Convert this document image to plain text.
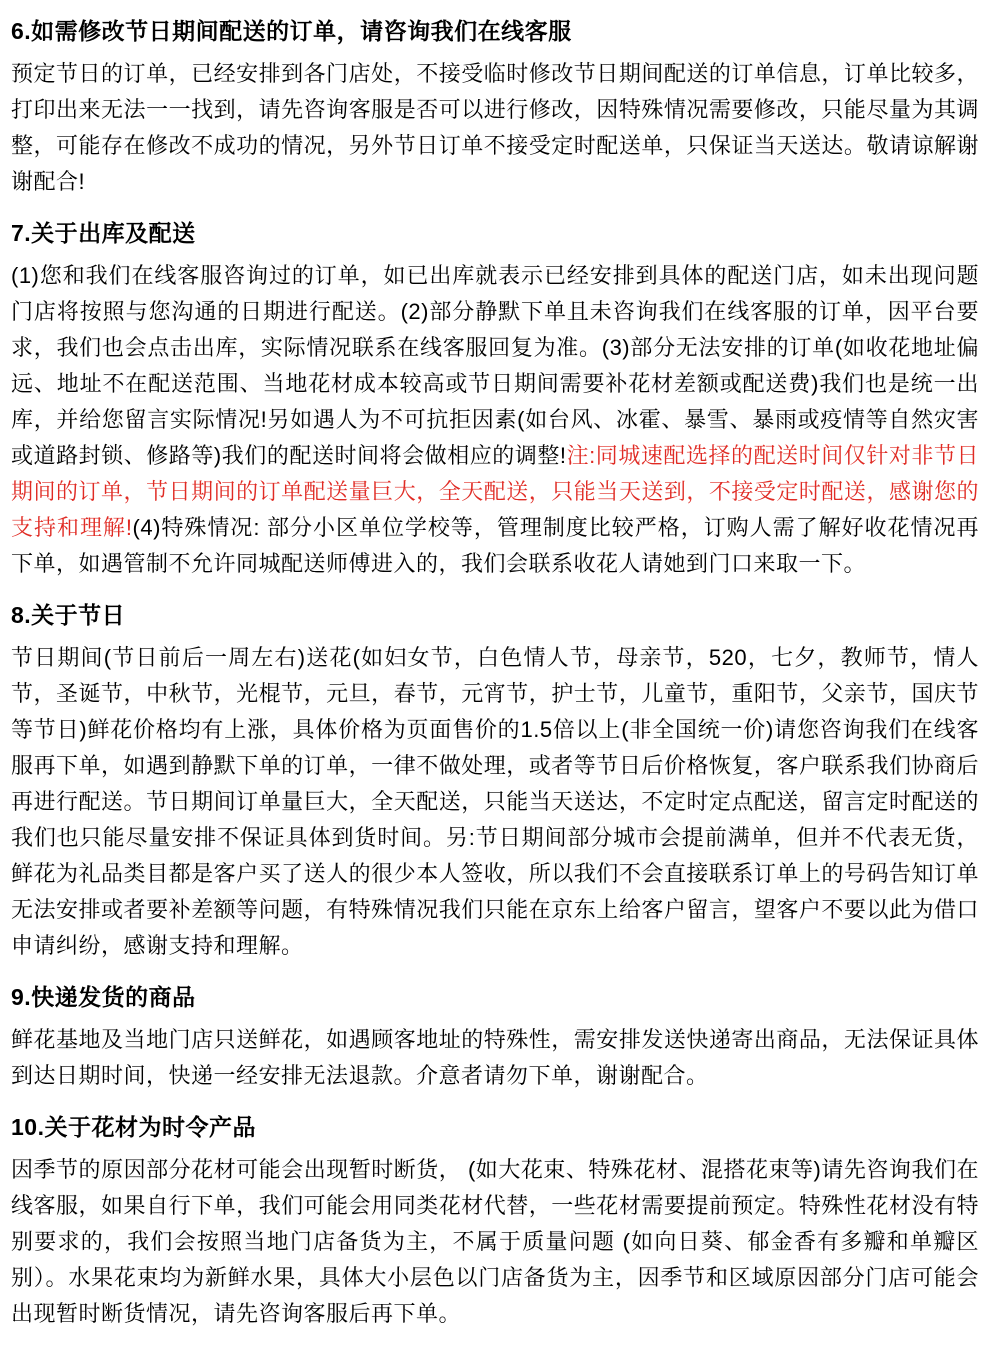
6.如需修改节日期间配送的订单，请咨询我们在线客服

预定节日的订单，已经安排到各门店处，不接受临时修改节日期间配送的订单信息，订单比较多，打印出来无法一一找到，请先咨询客服是否可以进行修改，因特殊情况需要修改，只能尽量为其调整，可能存在修改不成功的情况，另外节日订单不接受定时配送单，只保证当天送达。敬请谅解谢谢配合!

7.关于出库及配送

(1)您和我们在线客服咨询过的订单，如已出库就表示已经安排到具体的配送门店，如未出现问题门店将按照与您沟通的日期进行配送。(2)部分静默下单且未咨询我们在线客服的订单，因平台要求，我们也会点击出库，实际情况联系在线客服回复为准。(3)部分无法安排的订单(如收花地址偏远、地址不在配送范围、当地花材成本较高或节日期间需要补花材差额或配送费)我们也是统一出库，并给您留言实际情况!另如遇人为不可抗拒因素(如台风、冰霍、暴雪、暴雨或疫情等自然灾害或道路封锁、修路等)我们的配送时间将会做相应的调整!注:同城速配选择的配送时间仅针对非节日期间的订单，节日期间的订单配送量巨大，全天配送，只能当天送到，不接受定时配送，感谢您的支持和理解!(4)特殊情况: 部分小区单位学校等，管理制度比较严格，订购人需了解好收花情况再下单，如遇管制不允许同城配送师傅进入的，我们会联系收花人请她到门口来取一下。

8.关于节日

节日期间(节日前后一周左右)送花(如妇女节，白色情人节，母亲节，520，七夕，教师节，情人节，圣诞节，中秋节，光棍节，元旦，春节，元宵节，护士节，儿童节，重阳节，父亲节，国庆节等节日)鲜花价格均有上涨，具体价格为页面售价的1.5倍以上(非全国统一价)请您咨询我们在线客服再下单，如遇到静默下单的订单，一律不做处理，或者等节日后价格恢复，客户联系我们协商后再进行配送。节日期间订单量巨大，全天配送，只能当天送达，不定时定点配送，留言定时配送的我们也只能尽量安排不保证具体到货时间。另:节日期间部分城市会提前满单，但并不代表无货，鲜花为礼品类目都是客户买了送人的很少本人签收，所以我们不会直接联系订单上的号码告知订单无法安排或者要补差额等问题，有特殊情况我们只能在京东上给客户留言，望客户不要以此为借口申请纠纷，感谢支持和理解。

9.快递发货的商品

鲜花基地及当地门店只送鲜花，如遇顾客地址的特殊性，需安排发送快递寄出商品，无法保证具体到达日期时间，快递一经安排无法退款。介意者请勿下单，谢谢配合。

10.关于花材为时令产品

因季节的原因部分花材可能会出现暂时断货， (如大花束、特殊花材、混搭花束等)请先咨询我们在线客服，如果自行下单，我们可能会用同类花材代替，一些花材需要提前预定。特殊性花材没有特别要求的，我们会按照当地门店备货为主，不属于质量问题 (如向日葵、郁金香有多瓣和单瓣区别）。水果花束均为新鲜水果，具体大小层色以门店备货为主，因季节和区域原因部分门店可能会出现暂时断货情况，请先咨询客服后再下单。
